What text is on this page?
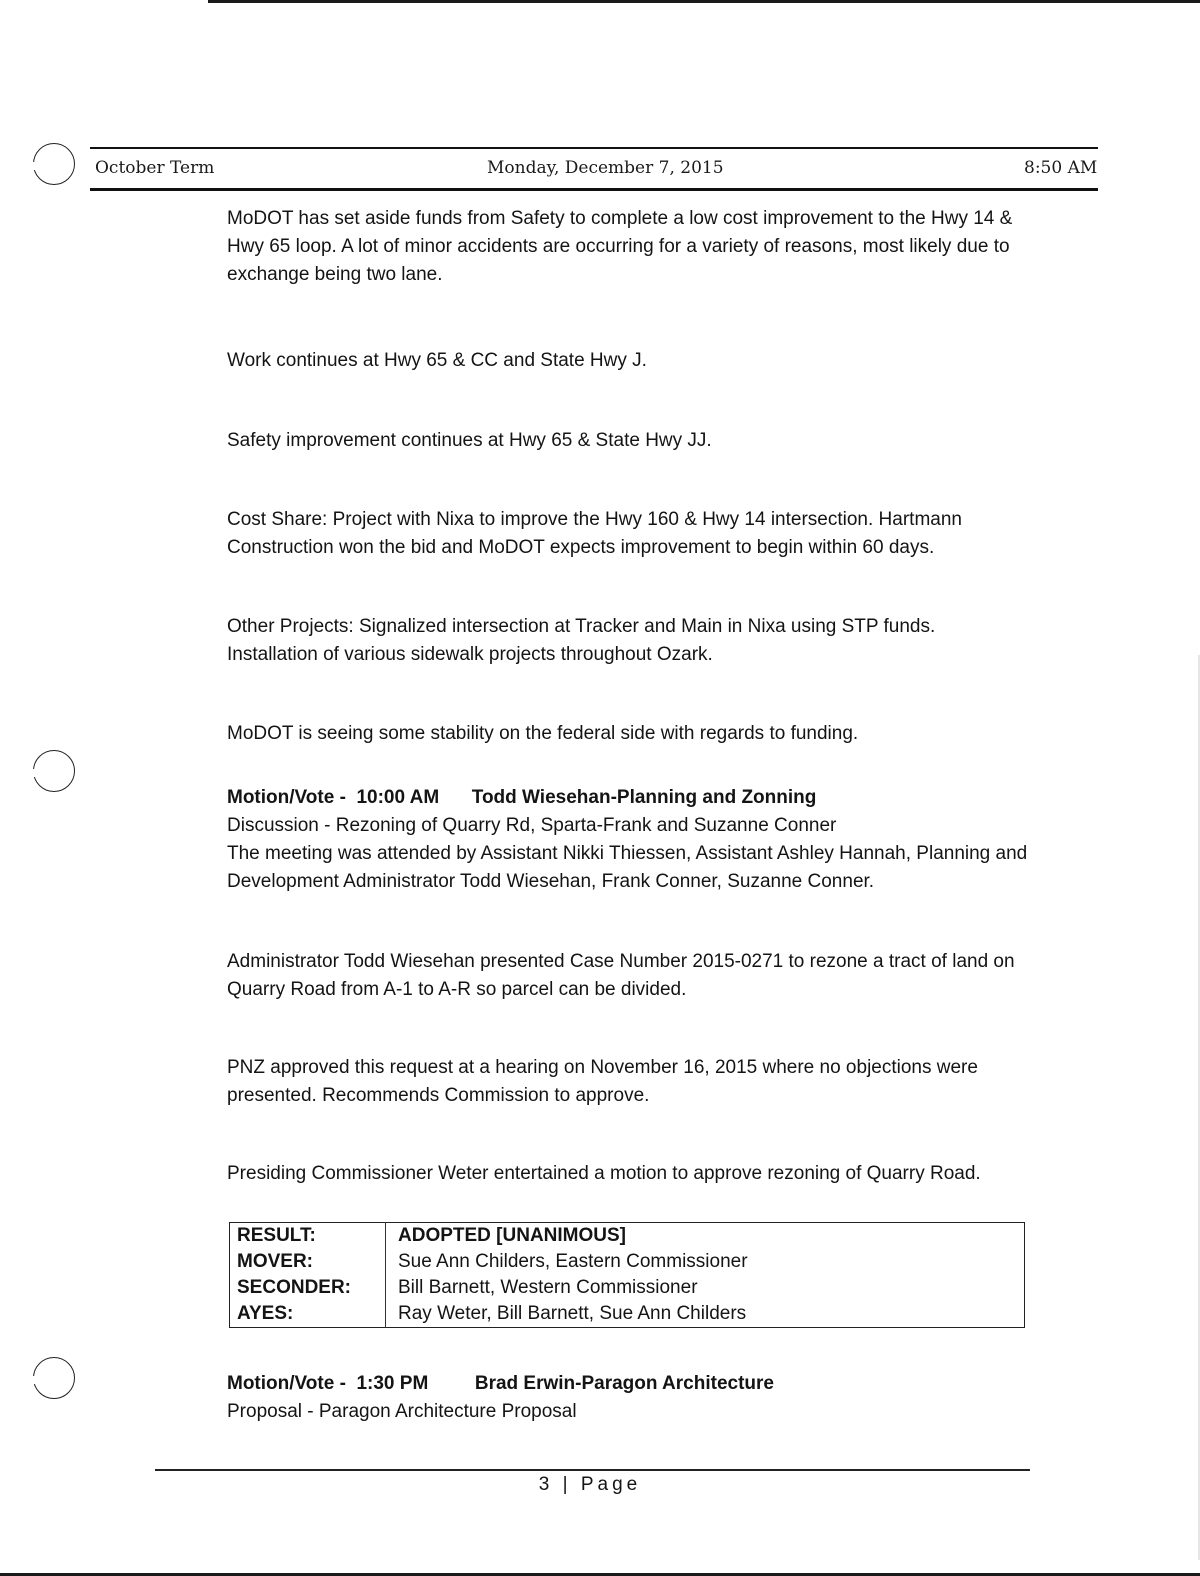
October Term	Monday, December 7, 2015	8:50 AM

MoDOT has set aside funds from Safety to complete a low cost improvement to the Hwy 14 & Hwy 65 loop. A lot of minor accidents are occurring for a variety of reasons, most likely due to exchange being two lane.

Work continues at Hwy 65 & CC and State Hwy J.

Safety improvement continues at Hwy 65 & State Hwy JJ.

Cost Share: Project with Nixa to improve the Hwy 160 & Hwy 14 intersection. Hartmann Construction won the bid and MoDOT expects improvement to begin within 60 days.

Other Projects: Signalized intersection at Tracker and Main in Nixa using STP funds.
Installation of various sidewalk projects throughout Ozark.

MoDOT is seeing some stability on the federal side with regards to funding.

Motion/Vote - 10:00 AM Todd Wiesehan-Planning and Zonning
Discussion - Rezoning of Quarry Rd, Sparta-Frank and Suzanne Conner

The meeting was attended by Assistant Nikki Thiessen, Assistant Ashley Hannah, Planning and Development Administrator Todd Wiesehan, Frank Conner, Suzanne Conner.

Administrator Todd Wiesehan presented Case Number 2015-0271 to rezone a tract of land on Quarry Road from A-1 to A-R so parcel can be divided.

PNZ approved this request at a hearing on November 16, 2015 where no objections were presented. Recommends Commission to approve.

Presiding Commissioner Weter entertained a motion to approve rezoning of Quarry Road.

RESULT:	ADOPTED [UNANIMOUS]
MOVER:	Sue Ann Childers, Eastern Commissioner
SECONDER:	Bill Barnett, Western Commissioner
AYES:	Ray Weter, Bill Barnett, Sue Ann Childers
Motion/Vote - 1:30 PM Brad Erwin-Paragon Architecture
Proposal - Paragon Architecture Proposal
3 | Page
